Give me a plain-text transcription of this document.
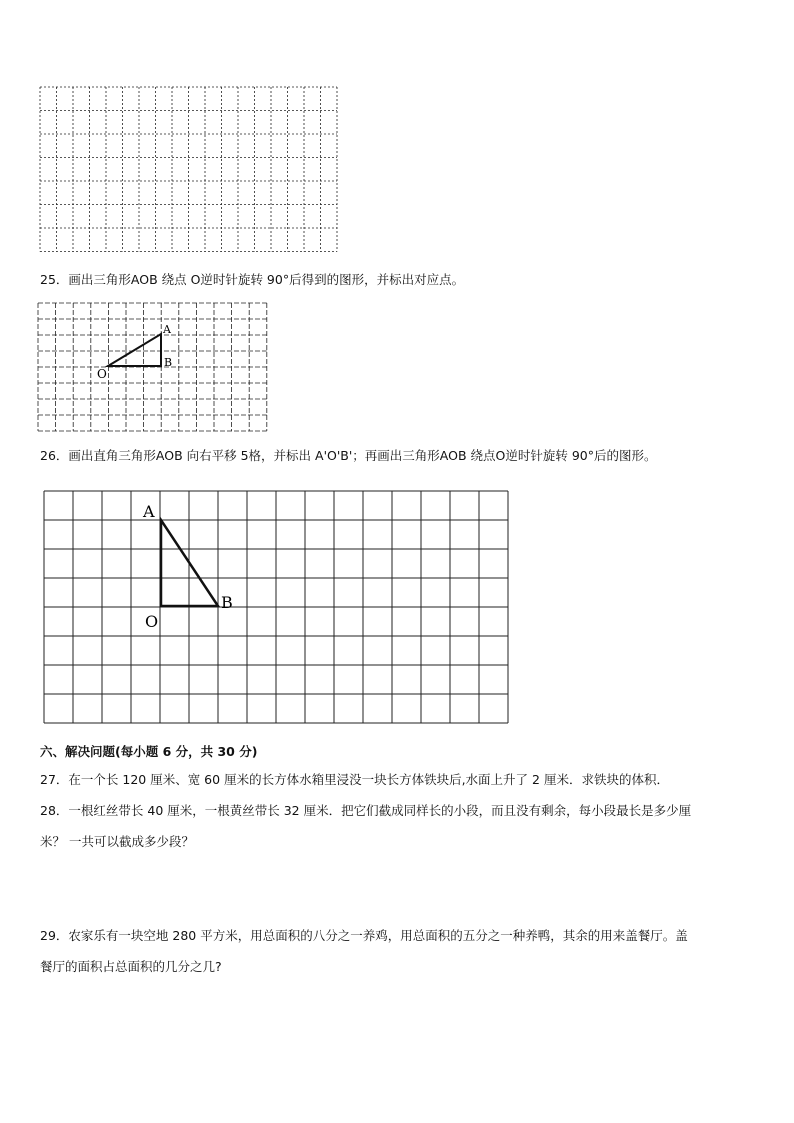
25．画出三角形AOB 绕点 O逆时针旋转 90°后得到的图形，并标出对应点。
A
B
O
26．画出直角三角形AOB 向右平移 5格，并标出 A'O'B'；再画出三角形AOB 绕点O逆时针旋转 90°后的图形。
A
B
O
六、解决问题(每小题 6 分，共 30 分)
27．在一个长 120 厘米、宽 60 厘米的长方体水箱里浸没一块长方体铁块后,水面上升了 2 厘米．求铁块的体积．
28．一根红丝带长 40 厘米，一根黄丝带长 32 厘米．把它们截成同样长的小段，而且没有剩余，每小段最长是多少厘
米？ 一共可以截成多少段？
29．农家乐有一块空地 280 平方米，用总面积的八分之一养鸡，用总面积的五分之一种养鸭，其余的用来盖餐厅。盖
餐厅的面积占总面积的几分之几?
